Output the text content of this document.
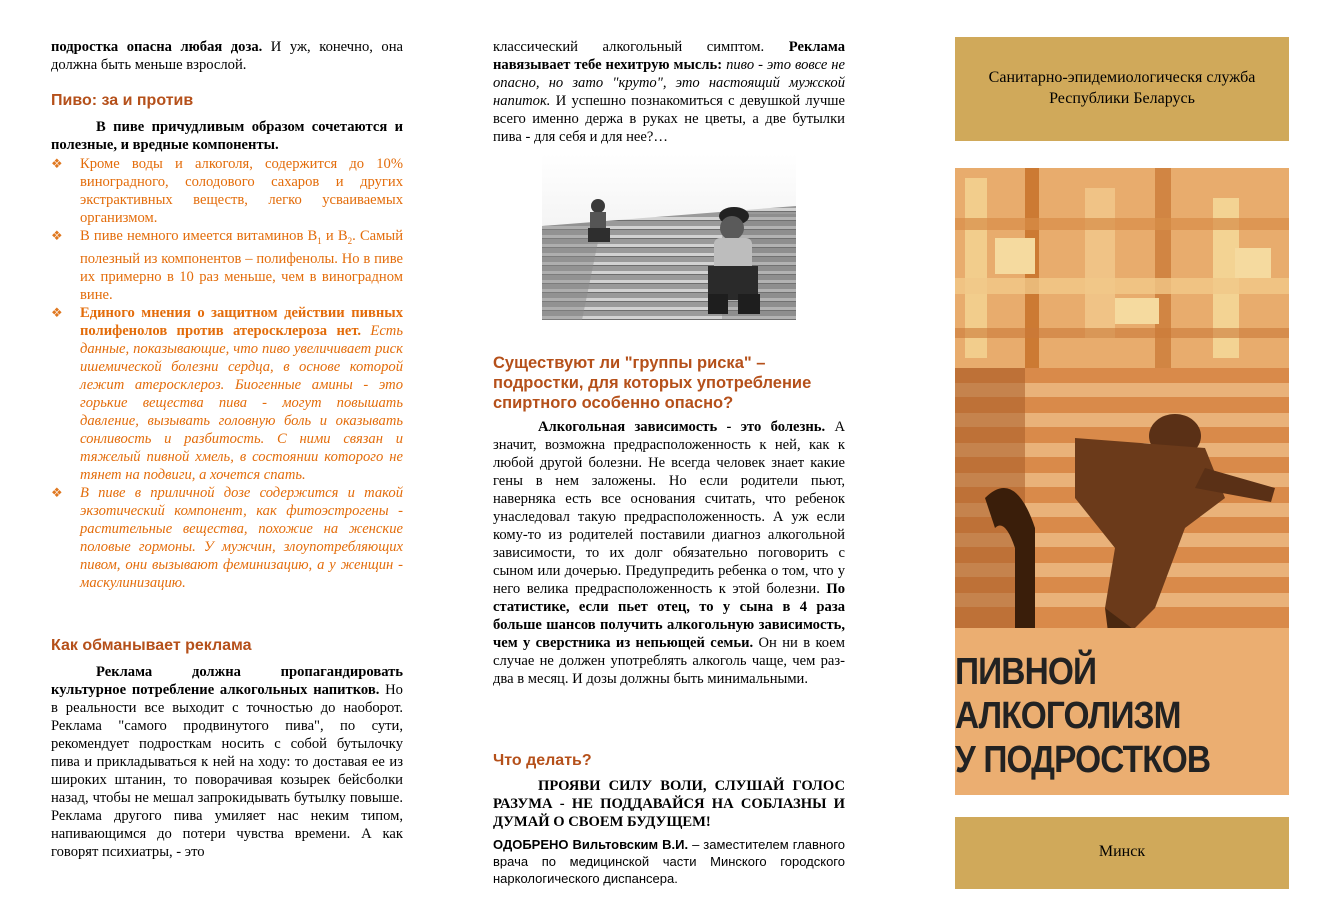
подростка опасна любая доза. И уж, конечно, она должна быть меньше взрослой.

Пиво: за и против

В пиве причудливым образом сочетаются и полезные, и вредные компоненты.

❖ Кроме воды и алкоголя, содержится до 10% виноградного, солодового сахаров и других экстрактивных веществ, легко усваиваемых организмом.
❖ В пиве немного имеется витаминов $B_1$ и $B_2$. Самый полезный из компонентов – полифенолы. Но в пиве их примерно в 10 раз меньше, чем в виноградном вине.
❖ Единого мнения о защитном действии пивных полифенолов против атеросклероза нет. Есть данные, показывающие, что пиво увеличивает риск ишемической болезни сердца, в основе которой лежит атеросклероз. Биогенные амины - это горькие вещества пива - могут повышать давление, вызывать головную боль и оказывать сонливость и разбитость. С ними связан и тяжелый пивной хмель, в состоянии которого не тянет на подвиги, а хочется спать.
❖ В пиве в приличной дозе содержится и такой экзотический компонент, как фитоэстрогены - растительные вещества, похожие на женские половые гормоны. У мужчин, злоупотребляющих пивом, они вызывают феминизацию, а у женщин - маскулинизацию.
Как обманывает реклама

Реклама должна пропагандировать культурное потребление алкогольных напитков. Но в реальности все выходит с точностью до наоборот. Реклама "самого продвинутого пива", по сути, рекомендует подросткам носить с собой бутылочку пива и прикладываться к ней на ходу: то доставая ее из широких штанин, то поворачивая козырек бейсболки назад, чтобы не мешал запрокидывать бутылку повыше. Реклама другого пива умиляет нас неким типом, напивающимся до потери чувства времени. А как говорят психиатры, - это

классический алкогольный симптом. Реклама навязывает тебе нехитрую мысль: пиво - это вовсе не опасно, но зато "круто", это настоящий мужской напиток. И успешно познакомиться с девушкой лучше всего именно держа в руках не цветы, а две бутылки пива - для себя и для нее?…

Существуют ли "группы риска" – подростки, для которых употребление спиртного особенно опасно?

Алкогольная зависимость - это болезнь. А значит, возможна предрасположенность к ней, как к любой другой болезни. Не всегда человек знает какие гены в нем заложены. Но если родители пьют, наверняка есть все основания считать, что ребенок унаследовал такую предрасположенность. А уж если кому-то из родителей поставили диагноз алкогольной зависимости, то их долг обязательно поговорить с сыном или дочерью. Предупредить ребенка о том, что у него велика предрасположенность к этой болезни. По статистике, если пьет отец, то у сына в 4 раза больше шансов получить алкогольную зависимость, чем у сверстника из непьющей семьи. Он ни в коем случае не должен употреблять алкоголь чаще, чем раз-два в месяц. И дозы должны быть минимальными.

Что делать?

ПРОЯВИ СИЛУ ВОЛИ, СЛУШАЙ ГОЛОС РАЗУМА - НЕ ПОДДАВАЙСЯ НА СОБЛАЗНЫ И ДУМАЙ О СВОЕМ БУДУЩЕМ!

ОДОБРЕНО Вильтовским В.И. – заместителем главного врача по медицинской части Минского городского наркологического диспансера.

Санитарно-эпидемиологическя служба Республики Беларусь
ПИВНОЙ
АЛКОГОЛИЗМ
У ПОДРОСТКОВ
Минск
